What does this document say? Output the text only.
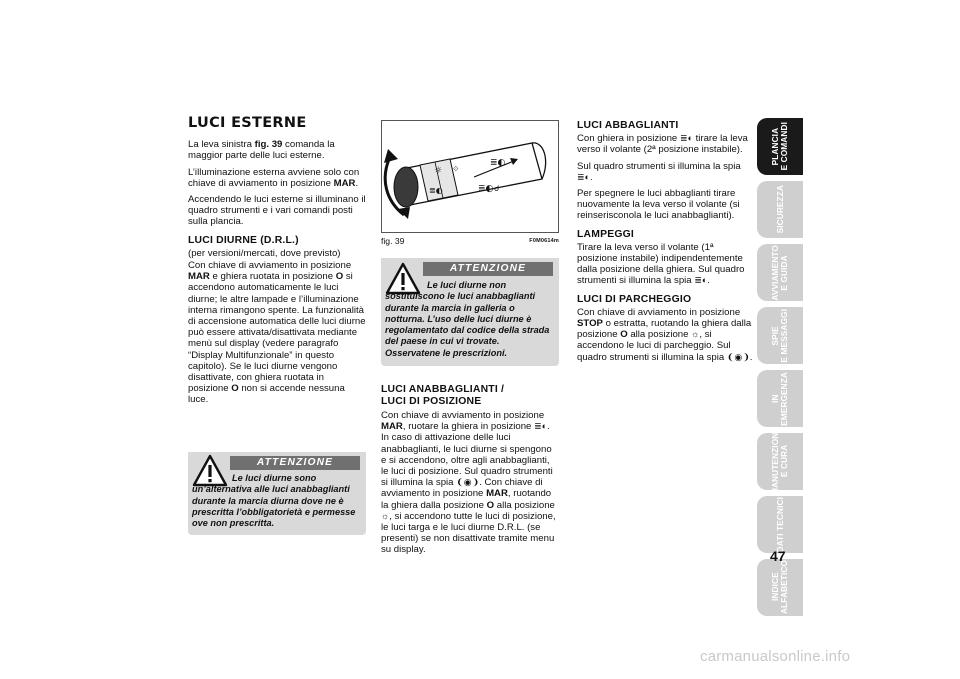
LUCI ESTERNE

La leva sinistra fig. 39 comanda la maggior parte delle luci esterne.

L’illuminazione esterna avviene solo con chiave di avviamento in posizione MAR.

Accendendo le luci esterne si illuminano il quadro strumenti e i vari comandi posti sulla plancia.

LUCI DIURNE (D.R.L.)

(per versioni/mercati, dove previsto)

Con chiave di avviamento in posizione MAR e ghiera ruotata in posizione O si accendono automaticamente le luci diurne; le altre lampade e l’illuminazione interna rimangono spente. La funzionalità di accensione automatica delle luci diurne può essere attivata/disattivata mediante menù sul display (vedere paragrafo “Display Multifunzionale” in questo capitolo). Se le luci diurne vengono disattivate, con ghiera ruotata in posizione O non si accende nessuna luce.

ATTENZIONE
Le luci diurne sono un’alternativa alle luci anabbaglianti durante la marcia diurna dove ne è prescritta l’obbligatorietà e permesse ove non prescritta.
☼
≣◐
⟐
≣◐
≣◐ ☌
fig. 39	F0M0614m
ATTENZIONE
Le luci diurne non sostituiscono le luci anabbaglianti durante la marcia in galleria o notturna. L’uso delle luci diurne è regolamentato dal codice della strada del paese in cui vi trovate. Osservatene le prescrizioni.
LUCI ANABBAGLIANTI /
LUCI DI POSIZIONE

Con chiave di avviamento in posizione MAR, ruotare la ghiera in posizione ≣◐. In caso di attivazione delle luci anabbaglianti, le luci diurne si spengono e si accendono, oltre agli anabbaglianti, le luci di posizione. Sul quadro strumenti si illumina la spia ❨◉❩. Con chiave di avviamento in posizione MAR, ruotando la ghiera dalla posizione O alla posizione ☼, si accendono tutte le luci di posizione, le luci targa e le luci diurne D.R.L. (se presenti) se non disattivate tramite menu su display.

LUCI ABBAGLIANTI

Con ghiera in posizione ≣◐ tirare la leva verso il volante (2ª posizione instabile).

Sul quadro strumenti si illumina la spia ≣◐.

Per spegnere le luci abbaglianti tirare nuovamente la leva verso il volante (si reinserisconola le luci anabbaglianti).

LAMPEGGI

Tirare la leva verso il volante (1ª posizione instabile) indipendentemente dalla posizione della ghiera. Sul quadro strumenti si illumina la spia ≣◐.

LUCI DI PARCHEGGIO

Con chiave di avviamento in posizione STOP o estratta, ruotando la ghiera dalla posizione O alla posizione ☼, si accendono le luci di parcheggio. Sul quadro strumenti si illumina la spia ❨◉❩.

PLANCIA
E COMANDI
SICUREZZA
AVVIAMENTO
E GUIDA
SPIE
E MESSAGGI
IN
EMERGENZA
MANUTENZIONE
E CURA
DATI TECNICI
INDICE
ALFABETICO
47
carmanualsonline.info
